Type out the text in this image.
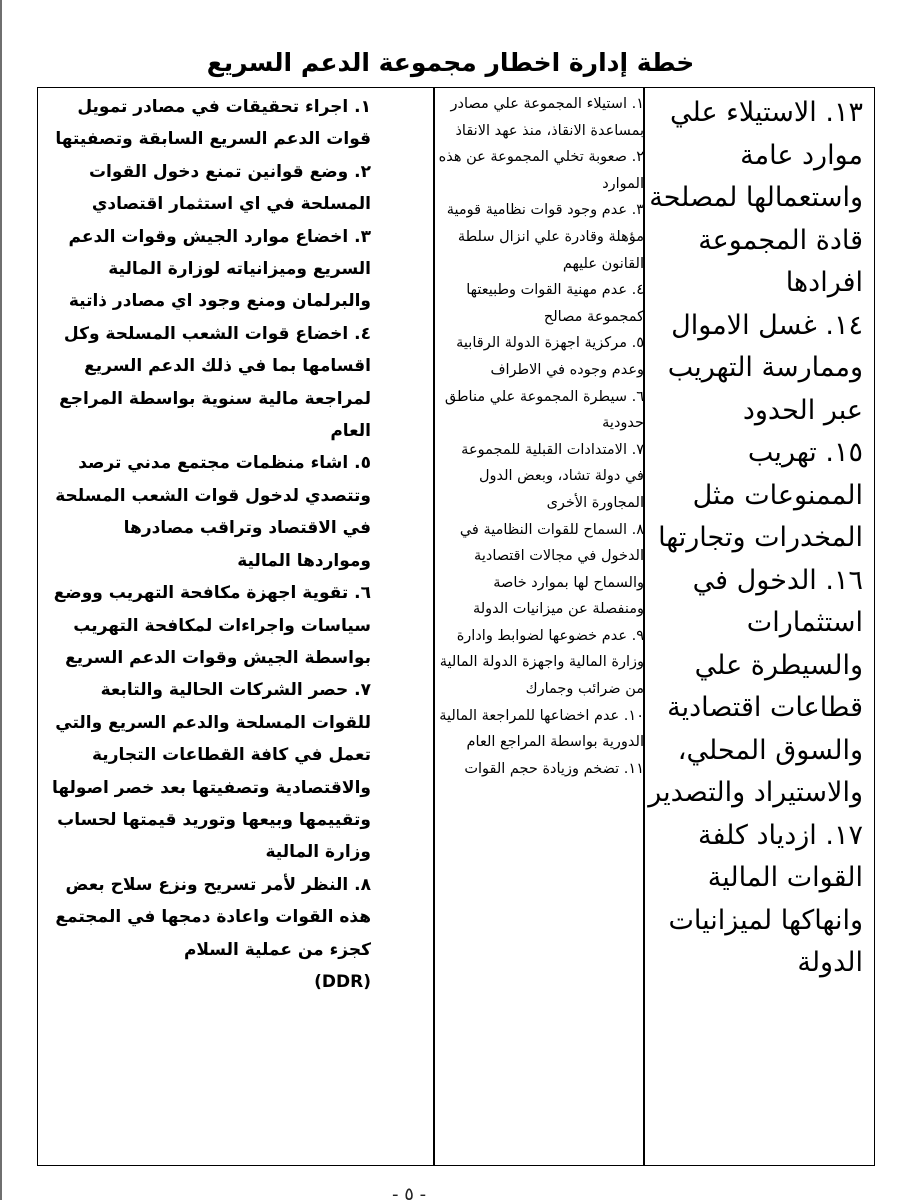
خطة إدارة اخطار مجموعة الدعم السريع

١٣. الاستيلاء علي موارد عامة واستعمالها لمصلحة قادة المجموعة افرادها

١٤. غسل الاموال وممارسة التهريب عبر الحدود

١٥. تهريب الممنوعات مثل المخدرات وتجارتها

١٦. الدخول في استثمارات والسيطرة علي قطاعات اقتصادية والسوق المحلي، والاستيراد والتصدير

١٧. ازدياد كلفة القوات المالية وانهاكها لميزانيات الدولة

١. استيلاء المجموعة علي مصادر بمساعدة الانقاذ، منذ عهد الانقاذ

٢. صعوبة تخلي المجموعة عن هذه الموارد

٣. عدم وجود قوات نظامية قومية مؤهلة وقادرة علي انزال سلطة القانون عليهم

٤. عدم مهنية القوات وطبيعتها كمجموعة مصالح

٥. مركزية اجهزة الدولة الرقابية وعدم وجوده في الاطراف

٦. سيطرة المجموعة علي مناطق حدودية

٧. الامتدادات القبلية للمجموعة في دولة تشاد، وبعض الدول المجاورة الأخرى

٨. السماح للقوات النظامية في الدخول في مجالات اقتصادية والسماح لها بموارد خاصة ومنفصلة عن ميزانيات الدولة

٩. عدم خضوعها لضوابط وادارة وزارة المالية واجهزة الدولة المالية من ضرائب وجمارك

١٠. عدم اخضاعها للمراجعة المالية الدورية بواسطة المراجع العام

١١. تضخم وزيادة حجم القوات

١. اجراء تحقيقات في مصادر تمويل قوات الدعم السريع السابقة وتصفيتها

٢. وضع قوانين تمنع دخول القوات المسلحة في اي استثمار اقتصادي

٣. اخضاع موارد الجيش وقوات الدعم السريع وميزانياته لوزارة المالية والبرلمان ومنع وجود اي مصادر ذاتية

٤. اخضاع قوات الشعب المسلحة وكل اقسامها بما في ذلك الدعم السريع لمراجعة مالية سنوية بواسطة المراجع العام

٥. اشاء منظمات مجتمع مدني ترصد وتتصدي لدخول قوات الشعب المسلحة في الاقتصاد وتراقب مصادرها ومواردها المالية

٦. تقوية اجهزة مكافحة التهريب ووضع سياسات واجراءات لمكافحة التهريب بواسطة الجيش وقوات الدعم السريع

٧. حصر الشركات الحالية والتابعة للقوات المسلحة والدعم السريع والتي تعمل في كافة القطاعات التجارية والاقتصادية وتصفيتها بعد خصر اصولها وتقييمها وبيعها وتوريد قيمتها لحساب وزارة المالية

٨. النظر لأمر تسريح ونزع سلاح بعض هذه القوات واعادة دمجها في المجتمع كجزء من عملية السلام

(DDR)

- ٥ -
